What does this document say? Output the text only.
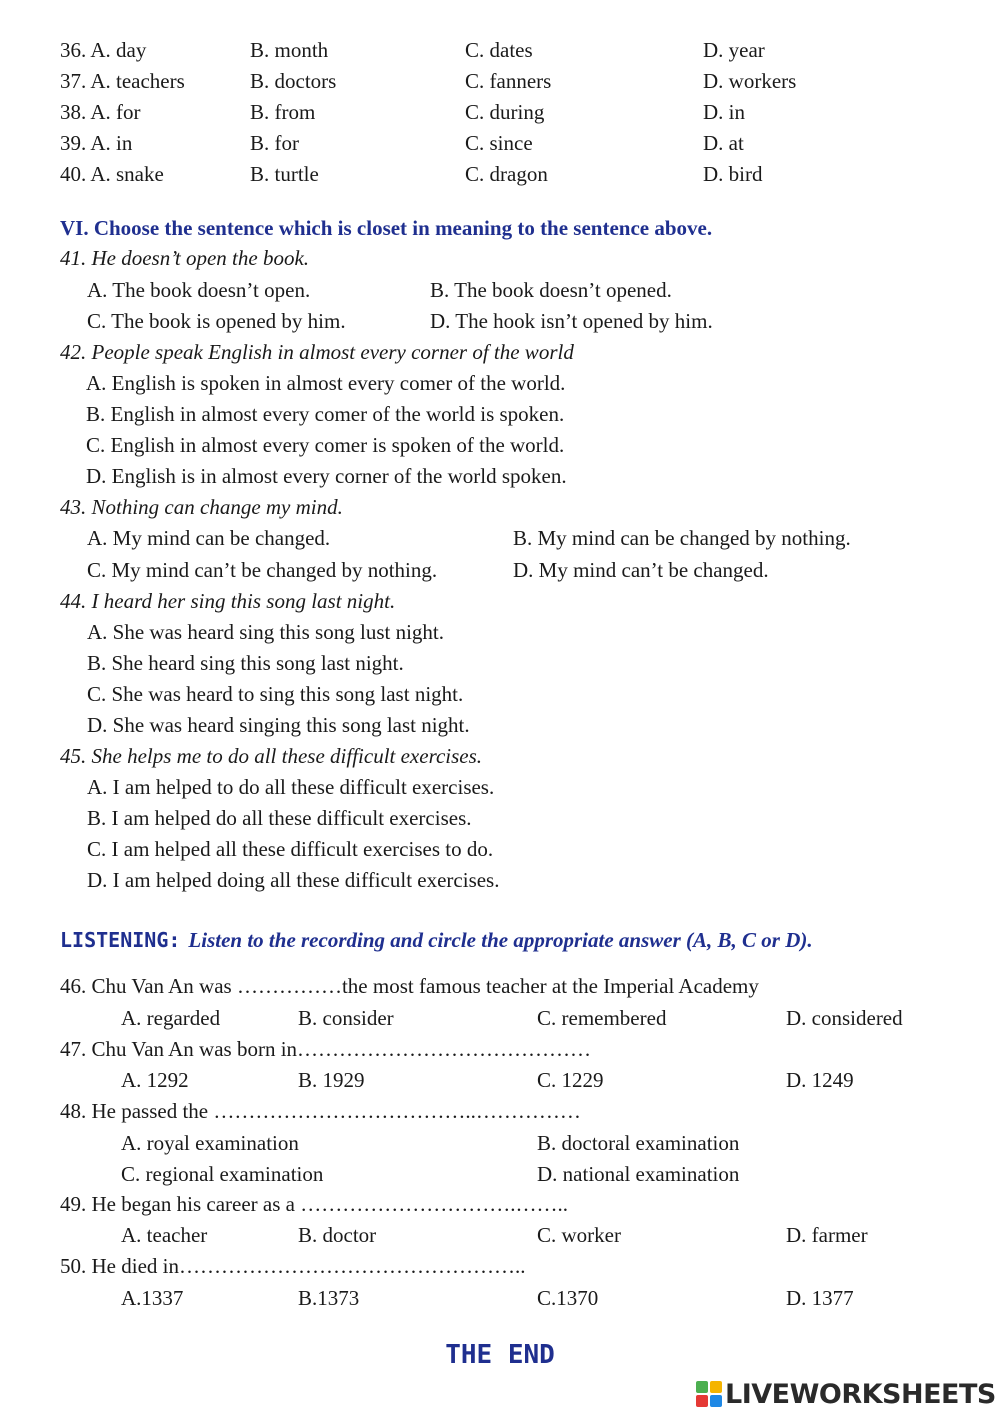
36. A. day	B. month	C. dates	D. year
37. A. teachers	B. doctors	C. fanners	D. workers
38. A. for	B. from	C. during	D. in
39. A. in	B. for	C. since	D. at
40. A. snake	B. turtle	C. dragon	D. bird
VI. Choose the sentence which is closet in meaning to the sentence above.
41. He doesn’t open the book.
A. The book doesn’t open.	B. The book doesn’t opened.
C. The book is opened by him.	D. The hook isn’t opened by him.
42. People speak English in almost every corner of the world
A. English is spoken in almost every comer of the world.
B. English in almost every comer of the world is spoken.
C. English in almost every comer is spoken of the world.
D. English is in almost every corner of the world spoken.
43. Nothing can change my mind.
A. My mind can be changed.	B. My mind can be changed by nothing.
C. My mind can’t be changed by nothing.	D. My mind can’t be changed.
44. I heard her sing this song last night.
A. She was heard sing this song lust night.
B. She heard sing this song last night.
C. She was heard to sing this song last night.
D. She was heard singing this song last night.
45. She helps me to do all these difficult exercises.
A. I am helped to do all these difficult exercises.
B. I am helped do all these difficult exercises.
C. I am helped all these difficult exercises to do.
D. I am helped doing all these difficult exercises.
LISTENING: Listen to the recording and circle the appropriate answer (A, B, C or D).
46. Chu Van An was ……………the most famous teacher at the Imperial Academy
A. regarded	B. consider	C. remembered	D. considered
47. Chu Van An was born in……………………………………
A. 1292	B. 1929	C. 1229	D. 1249
48. He passed the ………………………………..……………
A. royal examination	B. doctoral examination
C. regional examination	D. national examination
49. He began his career as a ………………………….……..
A. teacher	B. doctor	C. worker	D. farmer
50. He died in…………………………………………..
A.1337	B.1373	C.1370	D. 1377
THE END
LIVEWORKSHEETS
